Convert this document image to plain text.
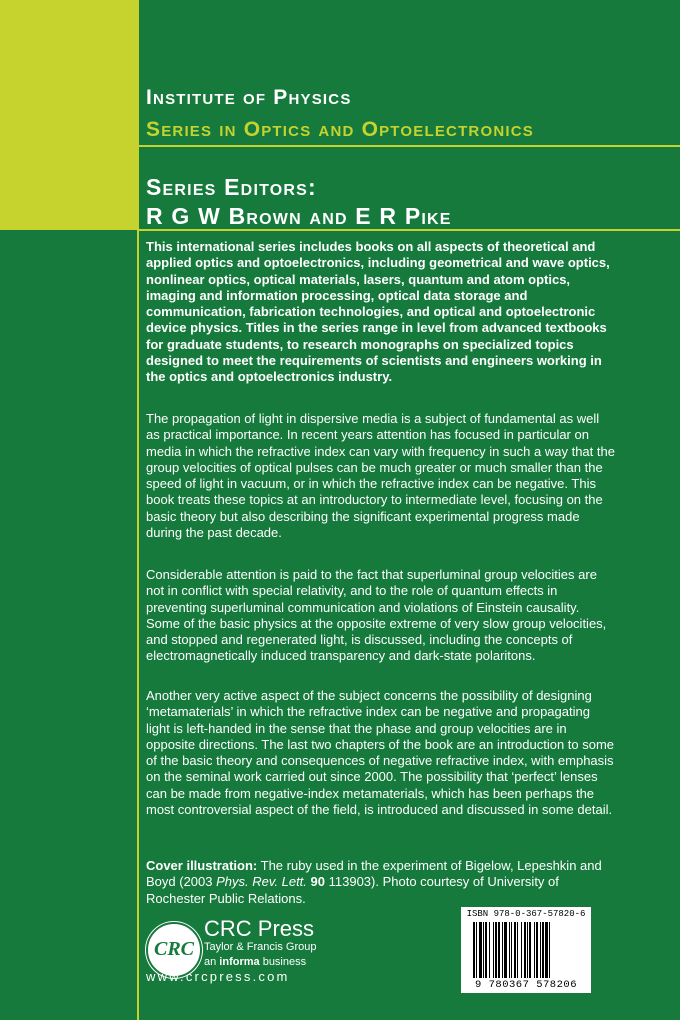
Institute of Physics
Series in Optics and Optoelectronics
Series Editors:
R G W Brown and E R Pike

This international series includes books on all aspects of theoretical and applied optics and optoelectronics, including geometrical and wave optics, nonlinear optics, optical materials, lasers, quantum and atom optics, imaging and information processing, optical data storage and communication, fabrication technologies, and optical and optoelectronic device physics. Titles in the series range in level from advanced textbooks for graduate students, to research monographs on specialized topics designed to meet the requirements of scientists and engineers working in the optics and optoelectronics industry.

The propagation of light in dispersive media is a subject of fundamental as well as practical importance. In recent years attention has focused in particular on media in which the refractive index can vary with frequency in such a way that the group velocities of optical pulses can be much greater or much smaller than the speed of light in vacuum, or in which the refractive index can be negative. This book treats these topics at an introductory to intermediate level, focusing on the basic theory but also describing the significant experimental progress made during the past decade.

Considerable attention is paid to the fact that superluminal group velocities are not in conflict with special relativity, and to the role of quantum effects in preventing superluminal communication and violations of Einstein causality. Some of the basic physics at the opposite extreme of very slow group velocities, and stopped and regenerated light, is discussed, including the concepts of electromagnetically induced transparency and dark-state polaritons.

Another very active aspect of the subject concerns the possibility of designing ‘metamaterials’ in which the refractive index can be negative and propagating light is left-handed in the sense that the phase and group velocities are in opposite directions. The last two chapters of the book are an introduction to some of the basic theory and consequences of negative refractive index, with emphasis on the seminal work carried out since 2000. The possibility that ‘perfect’ lenses can be made from negative-index metamaterials, which has been perhaps the most controversial aspect of the field, is introduced and discussed in some detail.

Cover illustration: The ruby used in the experiment of Bigelow, Lepeshkin and Boyd (2003 Phys. Rev. Lett. 90 113903). Photo courtesy of University of Rochester Public Relations.

CRC
CRC Press
Taylor & Francis Group
an informa business
www.crcpress.com
ISBN 978-0-367-57820-6
9 780367 578206
